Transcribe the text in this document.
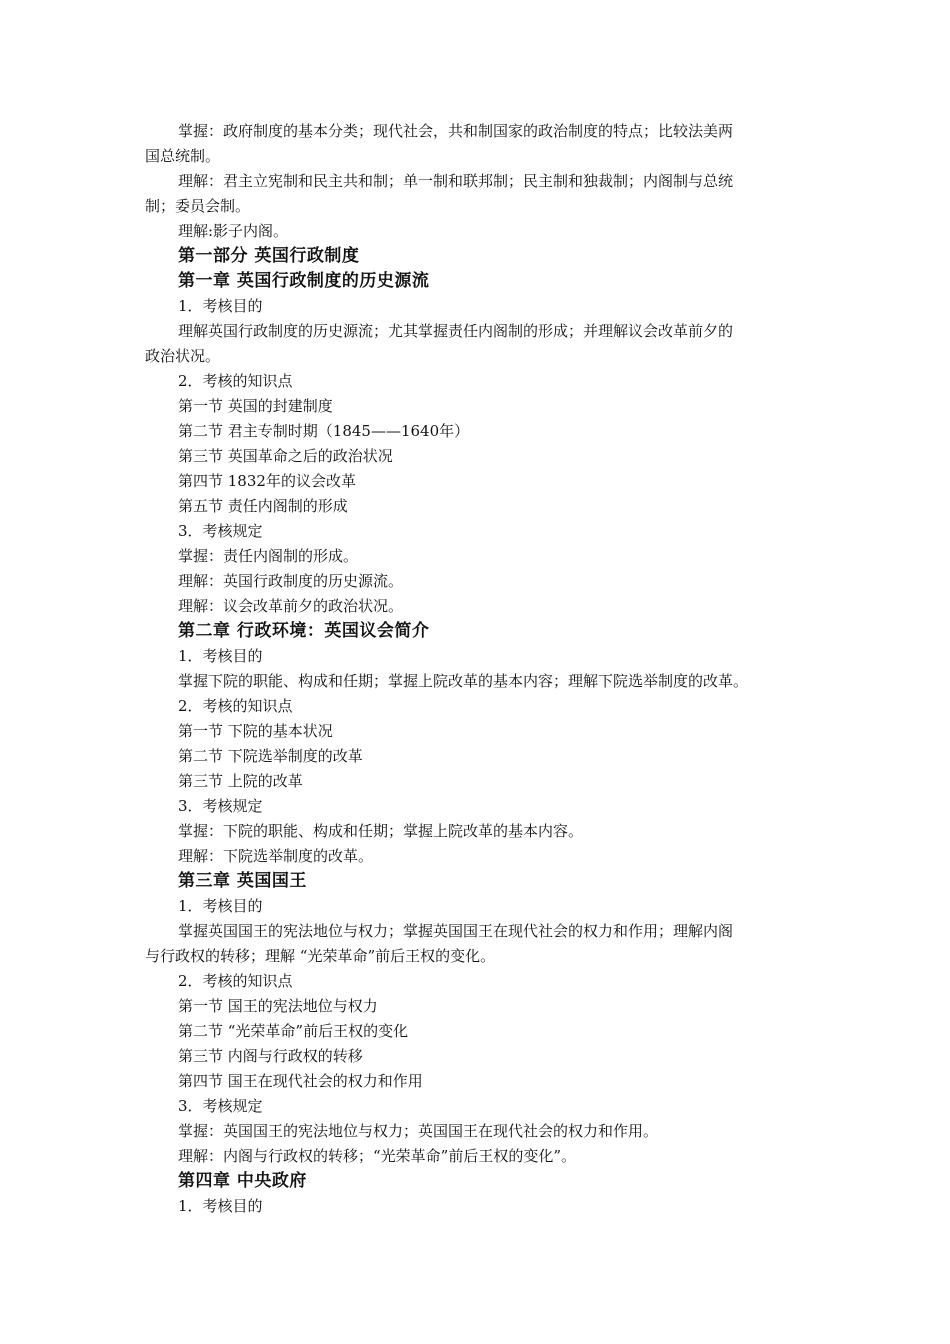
掌握：政府制度的基本分类；现代社会，共和制国家的政治制度的特点；比较法美两
国总统制。
理解：君主立宪制和民主共和制；单一制和联邦制；民主制和独裁制；内阁制与总统
制；委员会制。
理解:影子内阁。
第一部分 英国行政制度
第一章 英国行政制度的历史源流
1．考核目的
理解英国行政制度的历史源流；尤其掌握责任内阁制的形成；并理解议会改革前夕的
政治状况。
2．考核的知识点
第一节 英国的封建制度
第二节 君主专制时期（1845——1640年）
第三节 英国革命之后的政治状况
第四节 1832年的议会改革
第五节 责任内阁制的形成
3．考核规定
掌握：责任内阁制的形成。
理解：英国行政制度的历史源流。
理解：议会改革前夕的政治状况。
第二章 行政环境：英国议会简介
1．考核目的
掌握下院的职能、构成和任期；掌握上院改革的基本内容；理解下院选举制度的改革。
2．考核的知识点
第一节 下院的基本状况
第二节 下院选举制度的改革
第三节 上院的改革
3．考核规定
掌握：下院的职能、构成和任期；掌握上院改革的基本内容。
理解：下院选举制度的改革。
第三章 英国国王
1．考核目的
掌握英国国王的宪法地位与权力；掌握英国国王在现代社会的权力和作用；理解内阁
与行政权的转移；理解 “光荣革命”前后王权的变化。
2．考核的知识点
第一节 国王的宪法地位与权力
第二节 “光荣革命”前后王权的变化
第三节 内阁与行政权的转移
第四节 国王在现代社会的权力和作用
3．考核规定
掌握：英国国王的宪法地位与权力；英国国王在现代社会的权力和作用。
理解：内阁与行政权的转移；“光荣革命”前后王权的变化”。
第四章 中央政府
1．考核目的
